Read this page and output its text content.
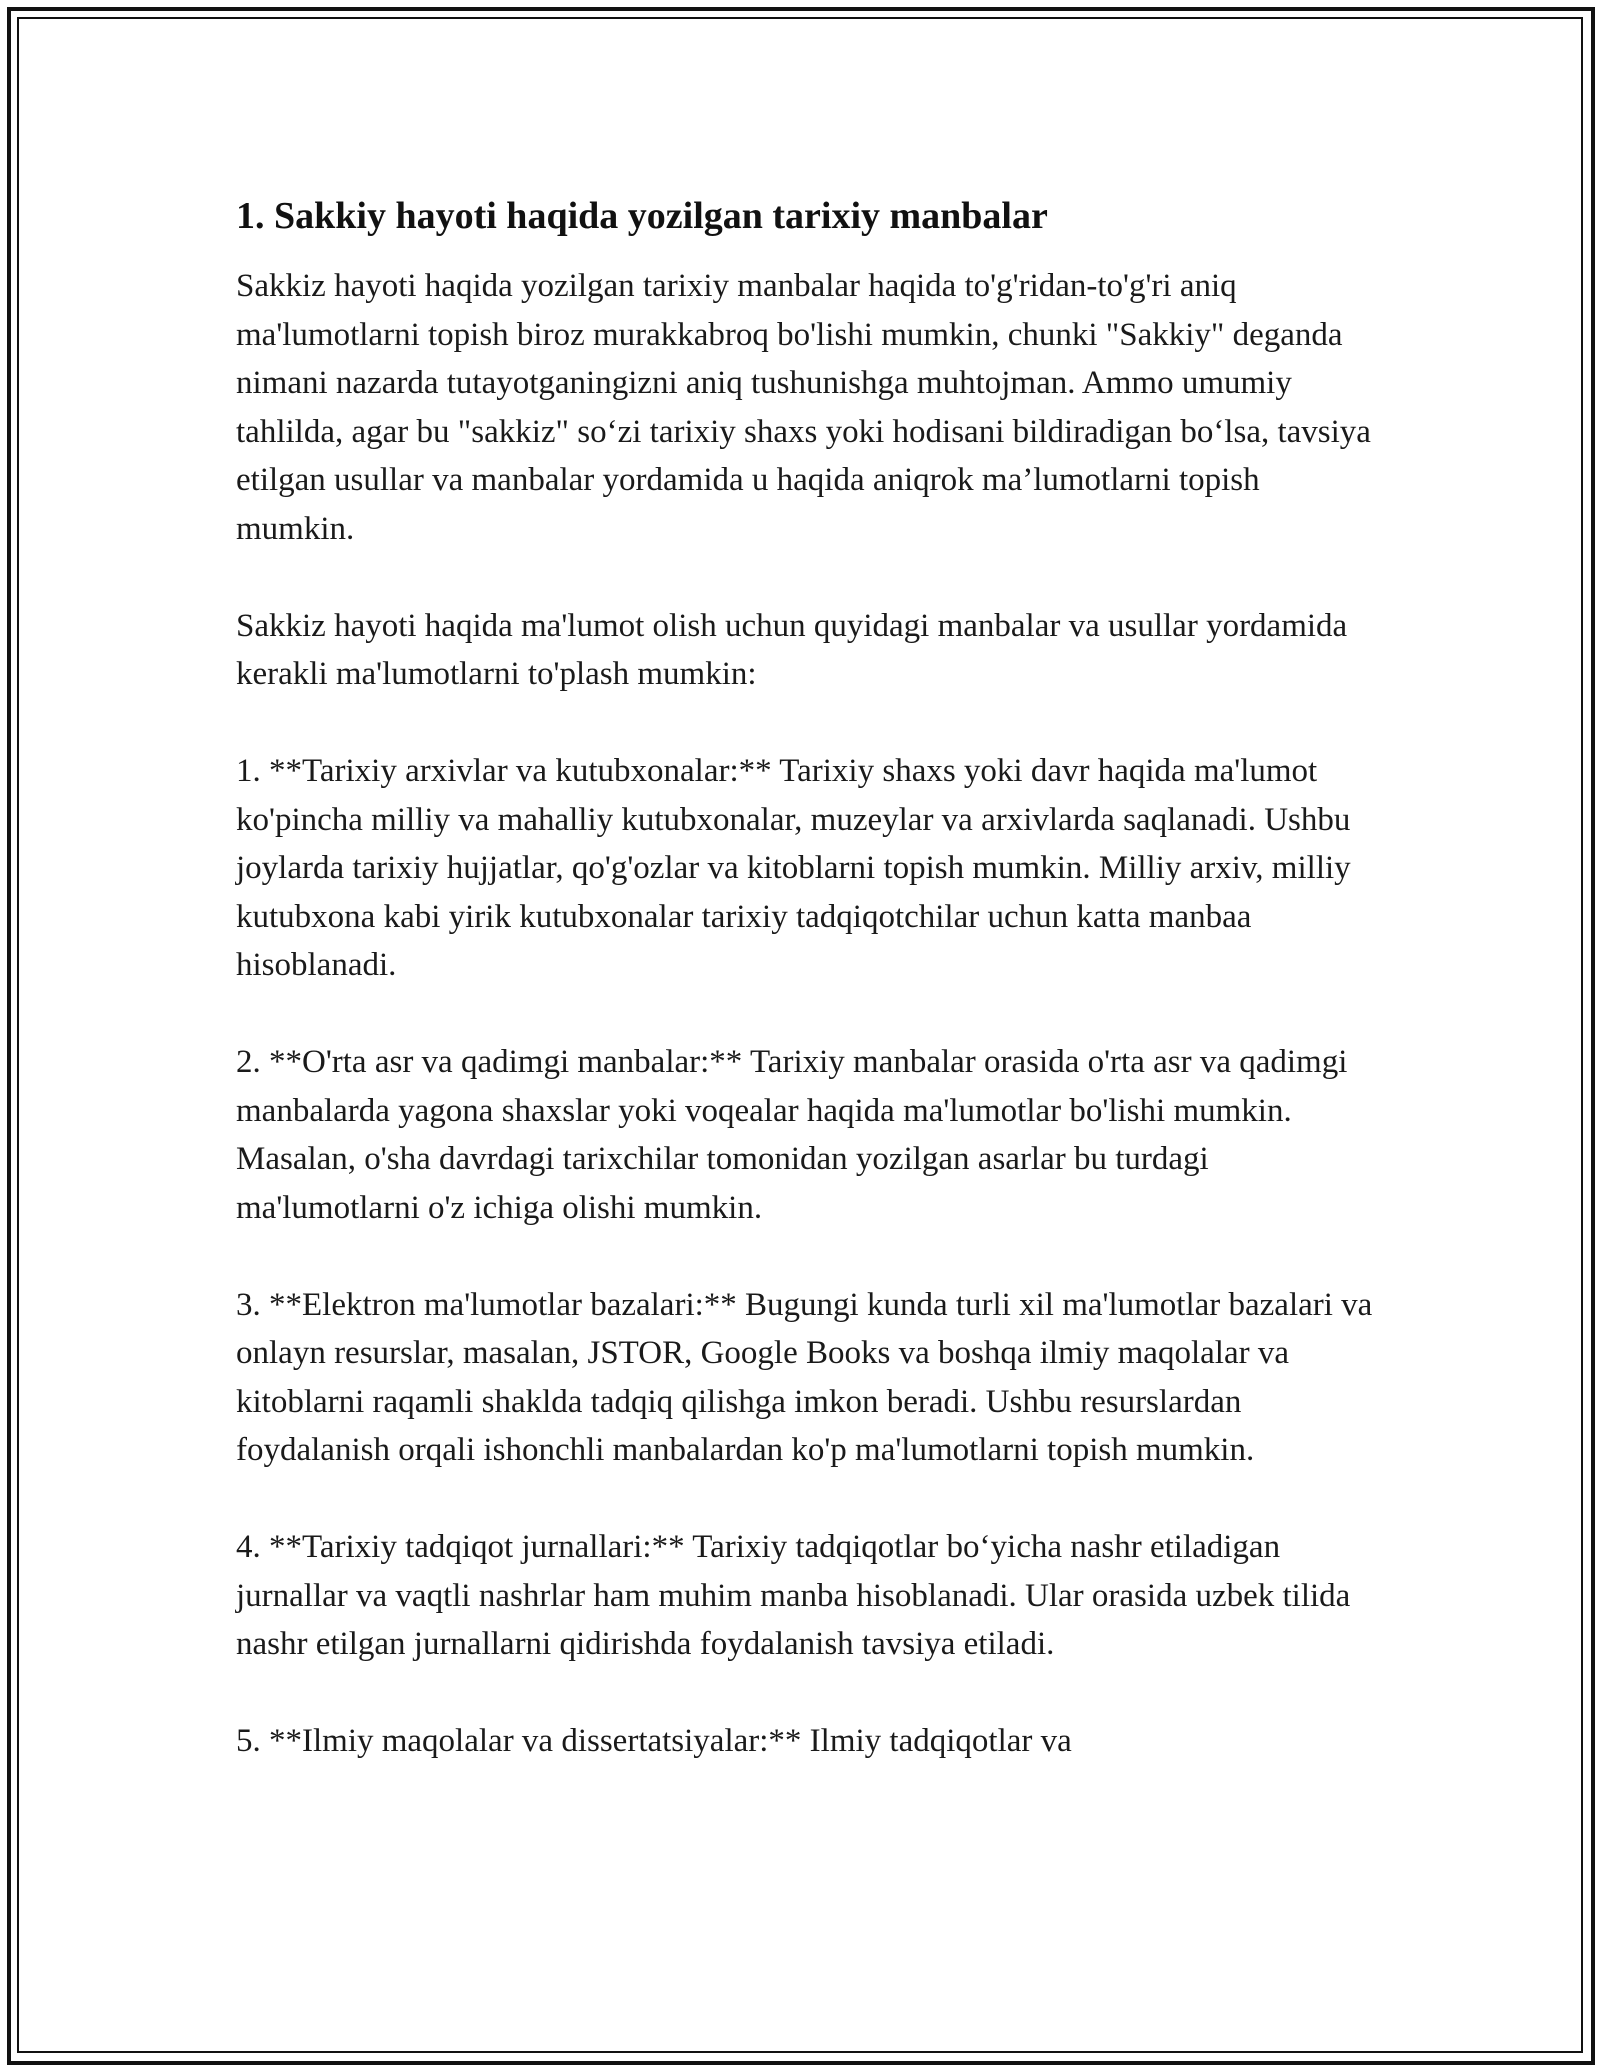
1. Sakkiy hayoti haqida yozilgan tarixiy manbalar

Sakkiz hayoti haqida yozilgan tarixiy manbalar haqida to'g'ridan-to'g'ri aniq ma'lumotlarni topish biroz murakkabroq bo'lishi mumkin, chunki "Sakkiy" deganda nimani nazarda tutayotganingizni aniq tushunishga muhtojman. Ammo umumiy tahlilda, agar bu "sakkiz" so‘zi tarixiy shaxs yoki hodisani bildiradigan bo‘lsa, tavsiya etilgan usullar va manbalar yordamida u haqida aniqrok ma’lumotlarni topish mumkin.

Sakkiz hayoti haqida ma'lumot olish uchun quyidagi manbalar va usullar yordamida kerakli ma'lumotlarni to'plash mumkin:

1. **Tarixiy arxivlar va kutubxonalar:** Tarixiy shaxs yoki davr haqida ma'lumot ko'pincha milliy va mahalliy kutubxonalar, muzeylar va arxivlarda saqlanadi. Ushbu joylarda tarixiy hujjatlar, qo'g'ozlar va kitoblarni topish mumkin. Milliy arxiv, milliy kutubxona kabi yirik kutubxonalar tarixiy tadqiqotchilar uchun katta manbaa hisoblanadi.

2. **O'rta asr va qadimgi manbalar:** Tarixiy manbalar orasida o'rta asr va qadimgi manbalarda yagona shaxslar yoki voqealar haqida ma'lumotlar bo'lishi mumkin. Masalan, o'sha davrdagi tarixchilar tomonidan yozilgan asarlar bu turdagi ma'lumotlarni o'z ichiga olishi mumkin.

3. **Elektron ma'lumotlar bazalari:** Bugungi kunda turli xil ma'lumotlar bazalari va onlayn resurslar, masalan, JSTOR, Google Books va boshqa ilmiy maqolalar va kitoblarni raqamli shaklda tadqiq qilishga imkon beradi. Ushbu resurslardan foydalanish orqali ishonchli manbalardan ko'p ma'lumotlarni topish mumkin.

4. **Tarixiy tadqiqot jurnallari:** Tarixiy tadqiqotlar bo‘yicha nashr etiladigan jurnallar va vaqtli nashrlar ham muhim manba hisoblanadi. Ular orasida uzbek tilida nashr etilgan jurnallarni qidirishda foydalanish tavsiya etiladi.

5. **Ilmiy maqolalar va dissertatsiyalar:** Ilmiy tadqiqotlar va
